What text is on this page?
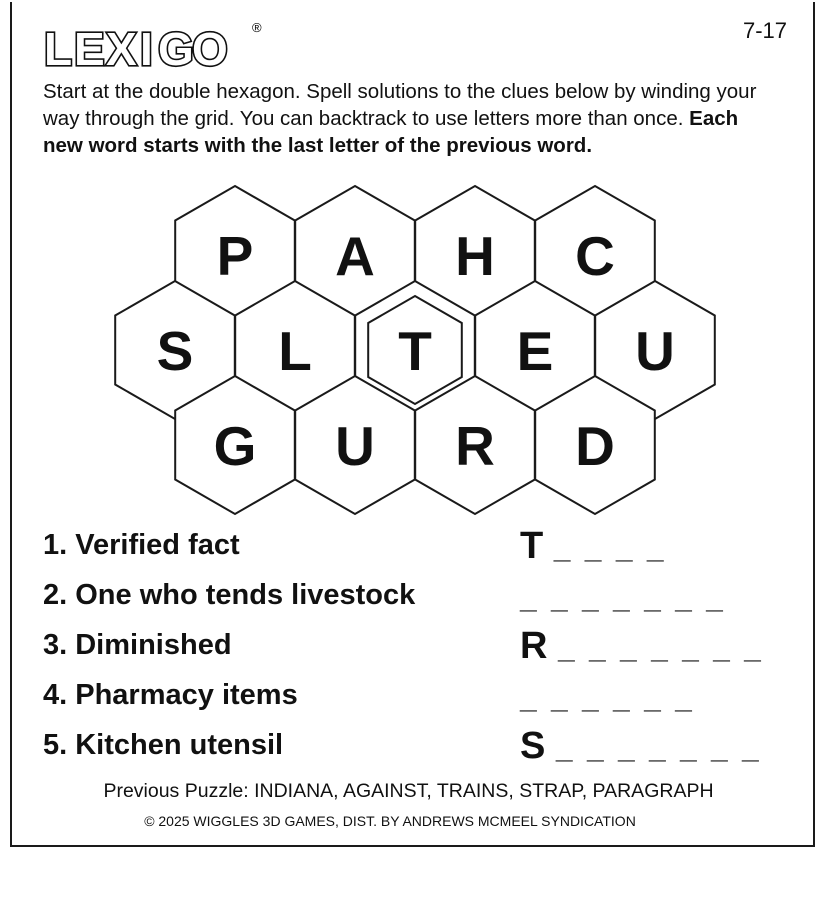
L E X I G
O ®	7-17
Start at the double hexagon. Spell solutions to the clues below by winding your way through the grid. You can backtrack to use letters more than once. Each new word starts with the last letter of the previous word.
P A H C
S L T E U
G U R D
1. Verified fact	T _ _ _ _
2. One who tends livestock	_ _ _ _ _ _ _
3. Diminished	R _ _ _ _ _ _ _
4. Pharmacy items	_ _ _ _ _ _
5. Kitchen utensil	S _ _ _ _ _ _ _
Previous Puzzle: INDIANA, AGAINST, TRAINS, STRAP, PARAGRAPH
© 2025 WIGGLES 3D GAMES, DIST. BY ANDREWS MCMEEL SYNDICATION
